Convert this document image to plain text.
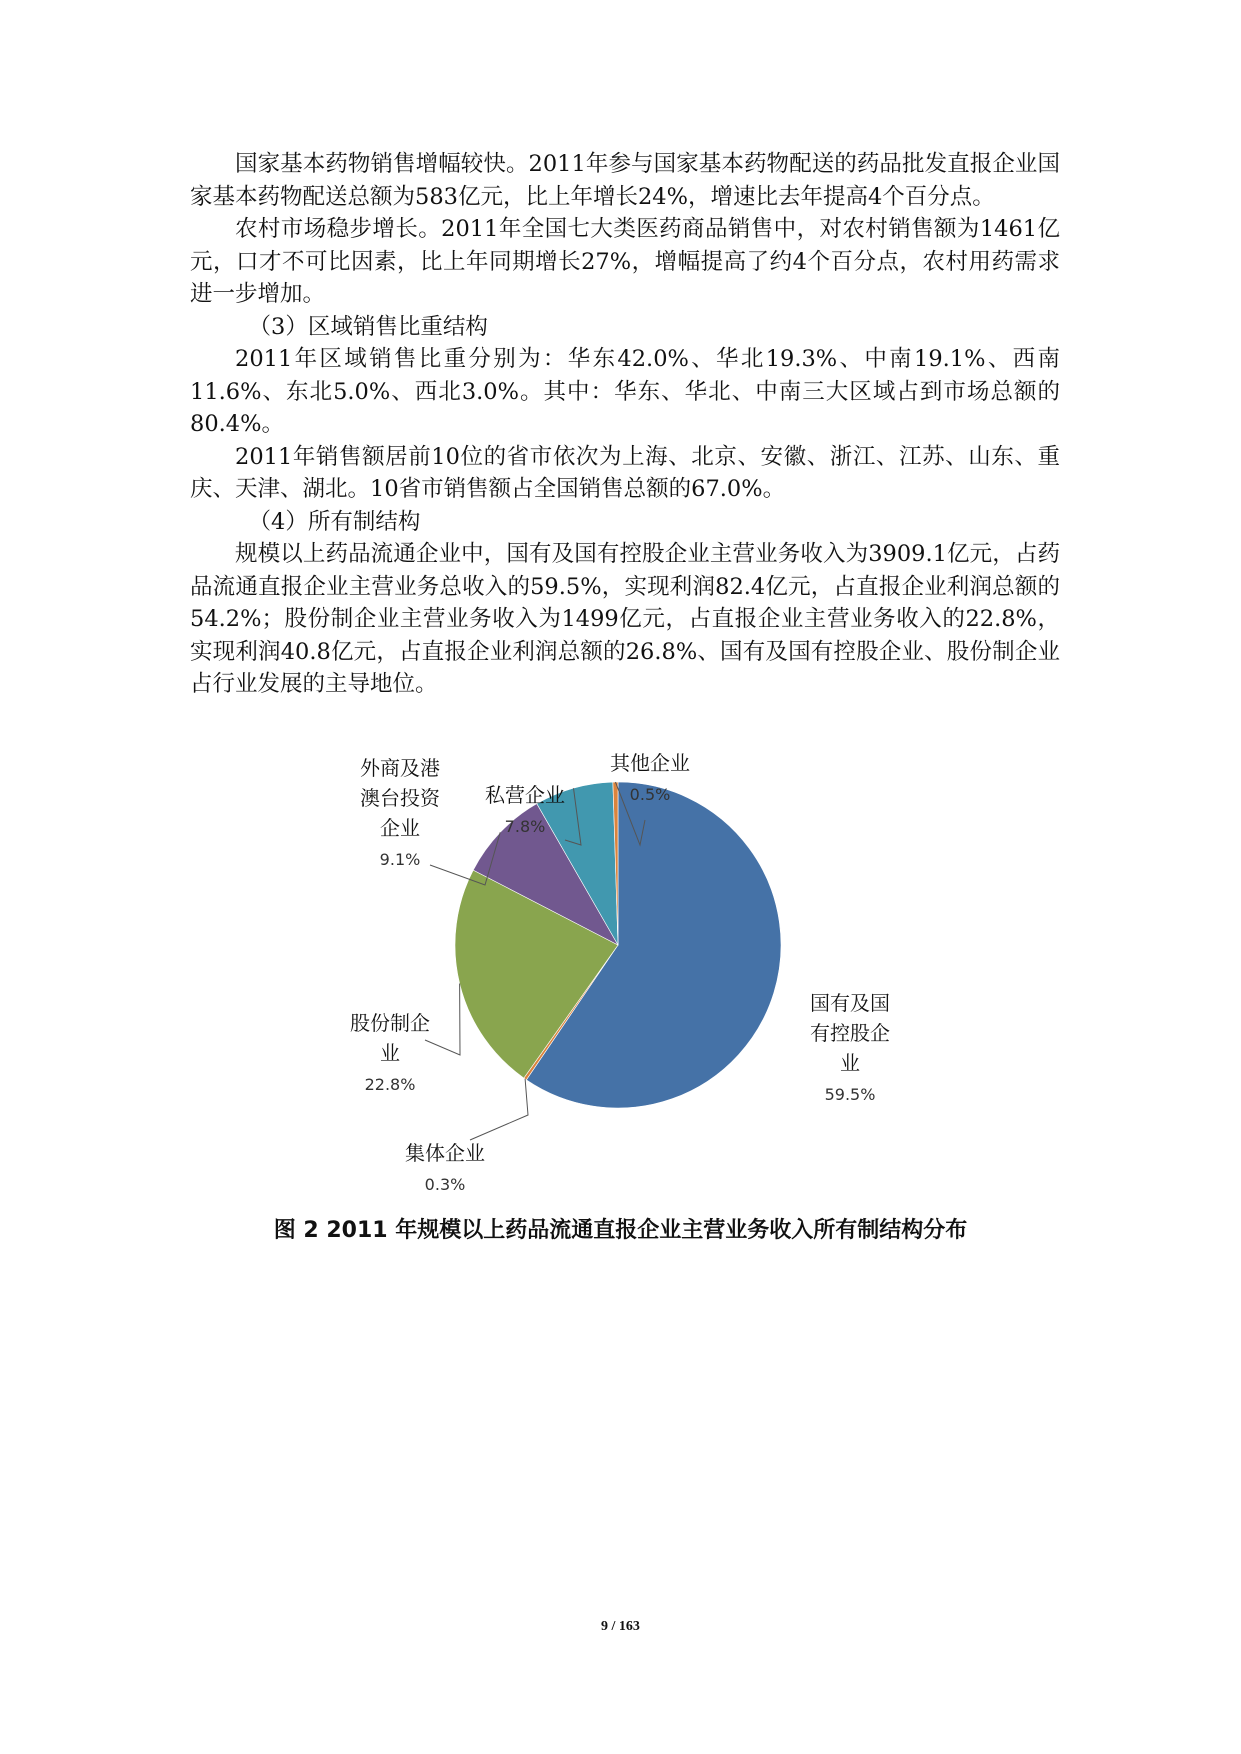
国家基本药物销售增幅较快。2011年参与国家基本药物配送的药品批发直报企业国家基本药物配送总额为583亿元，比上年增长24%，增速比去年提高4个百分点。

农村市场稳步增长。2011年全国七大类医药商品销售中，对农村销售额为1461亿元，口才不可比因素，比上年同期增长27%，增幅提高了约4个百分点，农村用药需求进一步增加。

（3）区域销售比重结构

2011年区域销售比重分别为：华东42.0%、华北19.3%、中南19.1%、西南11.6%、东北5.0%、西北3.0%。其中：华东、华北、中南三大区域占到市场总额的80.4%。

2011年销售额居前10位的省市依次为上海、北京、安徽、浙江、江苏、山东、重庆、天津、湖北。10省市销售额占全国销售总额的67.0%。

（4）所有制结构

规模以上药品流通企业中，国有及国有控股企业主营业务收入为3909.1亿元，占药品流通直报企业主营业务总收入的59.5%，实现利润82.4亿元，占直报企业利润总额的54.2%；股份制企业主营业务收入为1499亿元，占直报企业主营业务收入的22.8%，实现利润40.8亿元，占直报企业利润总额的26.8%、国有及国有控股企业、股份制企业占行业发展的主导地位。

国有及国
有控股企
业
59.5%
集体企业
0.3%
股份制企
业
22.8%
外商及港
澳台投资
企业
9.1%
私营企业
7.8%
其他企业
0.5%
图 2 2011 年规模以上药品流通直报企业主营业务收入所有制结构分布
9 / 163
